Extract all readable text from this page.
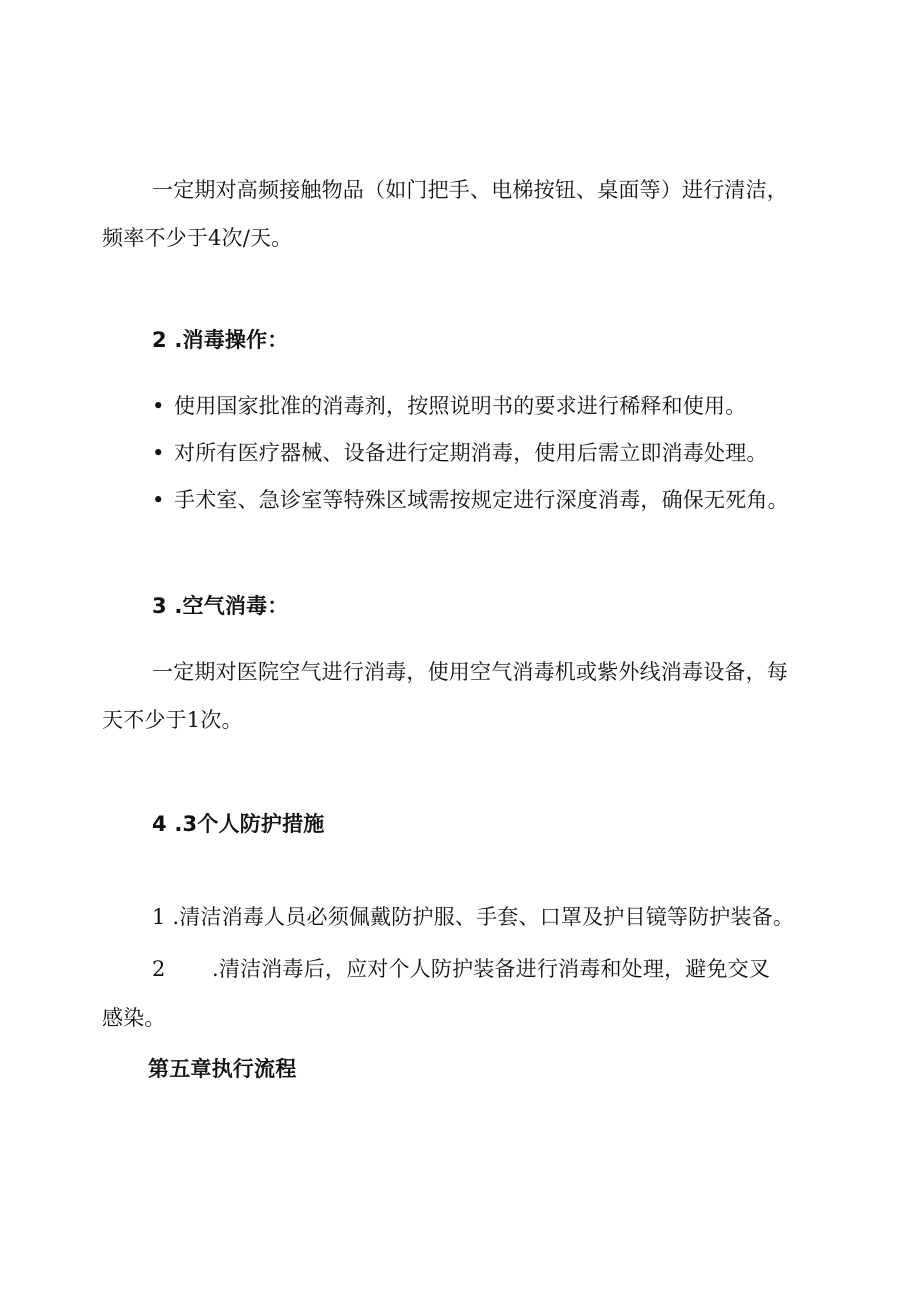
一定期对高频接触物品（如门把手、电梯按钮、桌面等）进行清洁，
频率不少于4次/天。
2 .消毒操作：
• 使用国家批准的消毒剂，按照说明书的要求进行稀释和使用。
• 对所有医疗器械、设备进行定期消毒，使用后需立即消毒处理。
• 手术室、急诊室等特殊区域需按规定进行深度消毒，确保无死角。
3 .空气消毒：
一定期对医院空气进行消毒，使用空气消毒机或紫外线消毒设备，每
天不少于1次。
4 .3个人防护措施
1 .清洁消毒人员必须佩戴防护服、手套、口罩及护目镜等防护装备。
2 .清洁消毒后，应对个人防护装备进行消毒和处理，避免交叉
感染。
第五章执行流程
